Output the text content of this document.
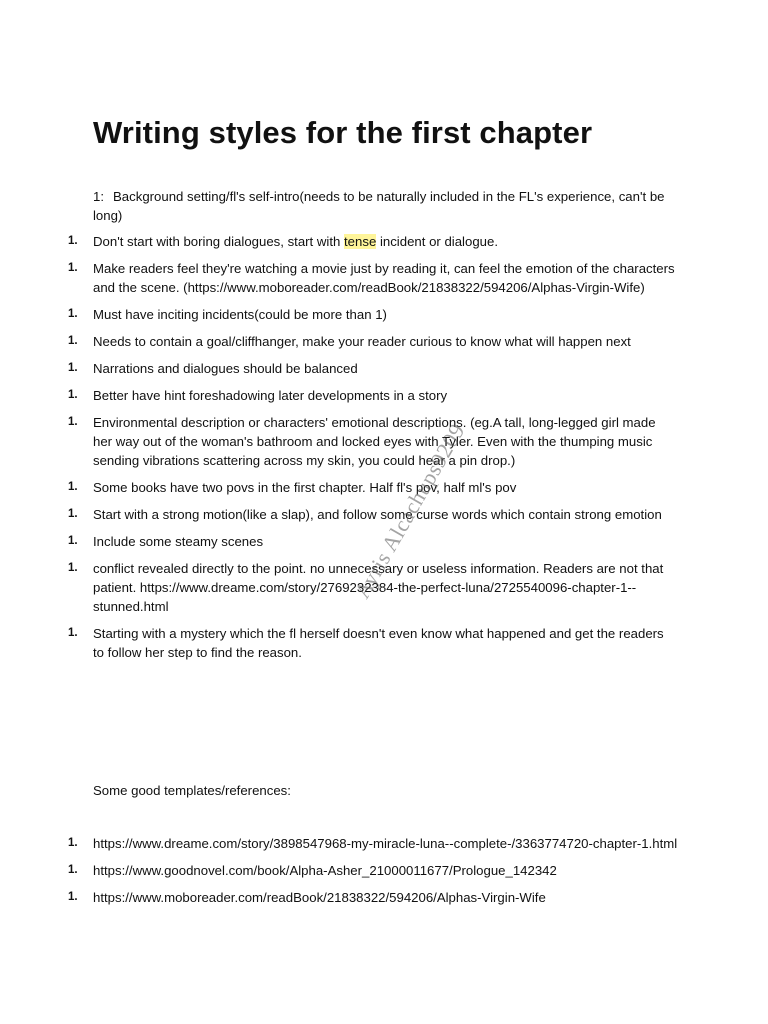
Writing styles for the first chapter
1: Background setting/fl's self-intro(needs to be naturally included in the FL's experience, can't be long)
1. Don't start with boring dialogues, start with tense incident or dialogue.
1. Make readers feel they're watching a movie just by reading it, can feel the emotion of the characters and the scene. (https://www.moboreader.com/readBook/21838322/594206/Alphas-Virgin-Wife)
1. Must have inciting incidents(could be more than 1)
1. Needs to contain a goal/cliffhanger, make your reader curious to know what will happen next
1. Narrations and dialogues should be balanced
1. Better have hint foreshadowing later developments in a story
1. Environmental description or characters' emotional descriptions. (eg.A tall, long-legged girl made her way out of the woman's bathroom and locked eyes with Tyler. Even with the thumping music sending vibrations scattering across my skin, you could hear a pin drop.)
1. Some books have two povs in the first chapter. Half fl's pov, half ml's pov
1. Start with a strong motion(like a slap), and follow some curse words which contain strong emotion
1. Include some steamy scenes
1. conflict revealed directly to the point. no unnecessary or useless information. Readers are not that patient. https://www.dreame.com/story/2769232384-the-perfect-luna/2725540096-chapter-1--stunned.html
1. Starting with a mystery which the fl herself doesn't even know what happened and get the readers to follow her step to find the reason.
Some good templates/references:
1. https://www.dreame.com/story/3898547968-my-miracle-luna--complete-/3363774720-chapter-1.html
1. https://www.goodnovel.com/book/Alpha-Asher_21000011677/Prologue_142342
1. https://www.moboreader.com/readBook/21838322/594206/Alphas-Virgin-Wife
Ayris Alcachups9209
